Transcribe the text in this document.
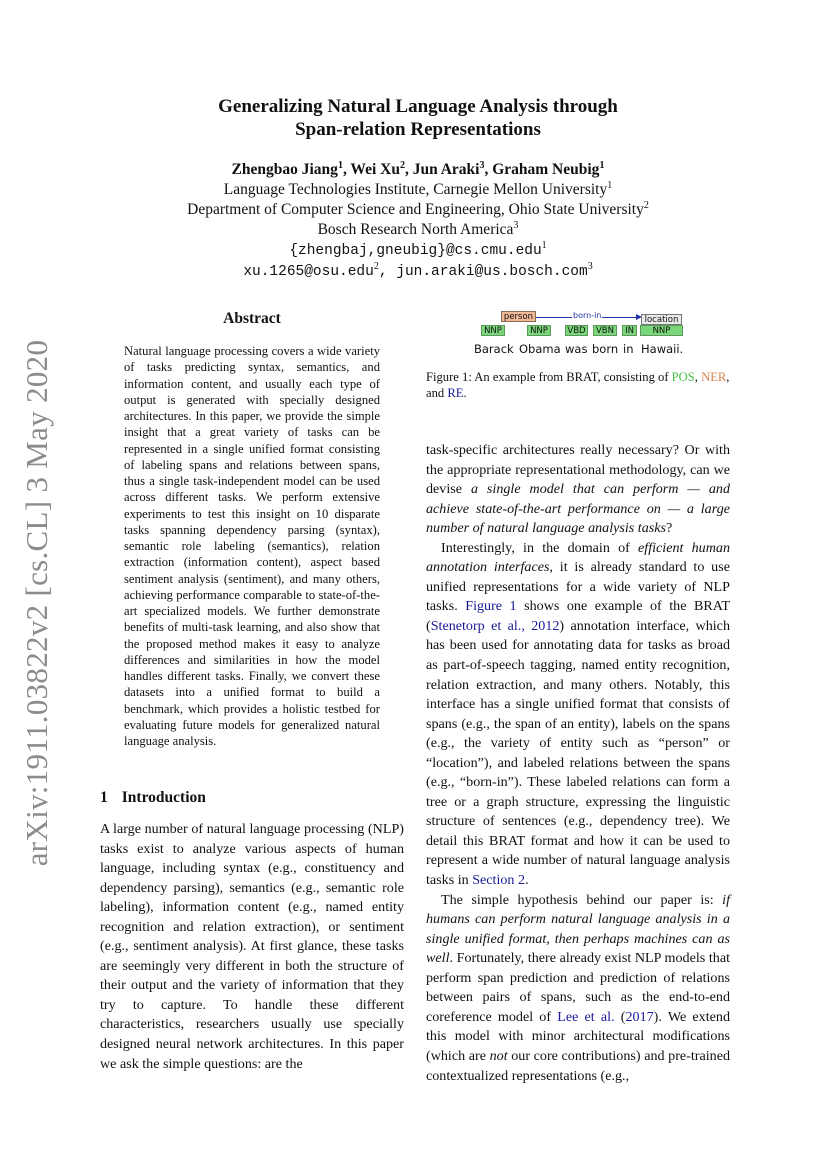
arXiv:1911.03822v2 [cs.CL] 3 May 2020
Generalizing Natural Language Analysis through
Span-relation Representations
Zhengbao Jiang$^1$, Wei Xu$^2$, Jun Araki$^3$, Graham Neubig$^1$
Language Technologies Institute, Carnegie Mellon University$^1$
Department of Computer Science and Engineering, Ohio State University$^2$
Bosch Research North America$^3$
{zhengbaj,gneubig}@cs.cmu.edu$^1$
xu.1265@osu.edu$^2$, jun.araki@us.bosch.com$^3$
Abstract
Natural language processing covers a wide variety of tasks predicting syntax, semantics, and information content, and usually each type of output is generated with specially designed architectures. In this paper, we provide the simple insight that a great variety of tasks can be represented in a single unified format consisting of labeling spans and relations between spans, thus a single task-independent model can be used across different tasks. We perform extensive experiments to test this insight on 10 disparate tasks spanning dependency parsing (syntax), semantic role labeling (semantics), relation extraction (information content), aspect based sentiment analysis (sentiment), and many others, achieving performance comparable to state-of-the-art specialized models. We further demonstrate benefits of multi-task learning, and also show that the proposed method makes it easy to analyze differences and similarities in how the model handles different tasks. Finally, we convert these datasets into a unified format to build a benchmark, which provides a holistic testbed for evaluating future models for generalized natural language analysis.
1 Introduction

A large number of natural language processing (NLP) tasks exist to analyze various aspects of human language, including syntax (e.g., constituency and dependency parsing), semantics (e.g., semantic role labeling), information content (e.g., named entity recognition and relation extraction), or sentiment (e.g., sentiment analysis). At first glance, these tasks are seemingly very different in both the structure of their output and the variety of information that they try to capture. To handle these different characteristics, researchers usually use specially designed neural network architectures. In this paper we ask the simple questions: are the

person	born-in	location
NNP	NNP	VBD	VBN	IN	NNP
Barack Obama was born in Hawaii.
Figure 1: An example from BRAT, consisting of POS, NER, and RE.

task-specific architectures really necessary? Or with the appropriate representational methodology, can we devise a single model that can perform — and achieve state-of-the-art performance on — a large number of natural language analysis tasks?

Interestingly, in the domain of efficient human annotation interfaces, it is already standard to use unified representations for a wide variety of NLP tasks. Figure 1 shows one example of the BRAT (Stenetorp et al., 2012) annotation interface, which has been used for annotating data for tasks as broad as part-of-speech tagging, named entity recognition, relation extraction, and many others. Notably, this interface has a single unified format that consists of spans (e.g., the span of an entity), labels on the spans (e.g., the variety of entity such as “person” or “location”), and labeled relations between the spans (e.g., “born-in”). These labeled relations can form a tree or a graph structure, expressing the linguistic structure of sentences (e.g., dependency tree). We detail this BRAT format and how it can be used to represent a wide number of natural language analysis tasks in Section 2.

The simple hypothesis behind our paper is: if humans can perform natural language analysis in a single unified format, then perhaps machines can as well. Fortunately, there already exist NLP models that perform span prediction and prediction of relations between pairs of spans, such as the end-to-end coreference model of Lee et al. (2017). We extend this model with minor architectural modifications (which are not our core contributions) and pre-trained contextualized representations (e.g.,
